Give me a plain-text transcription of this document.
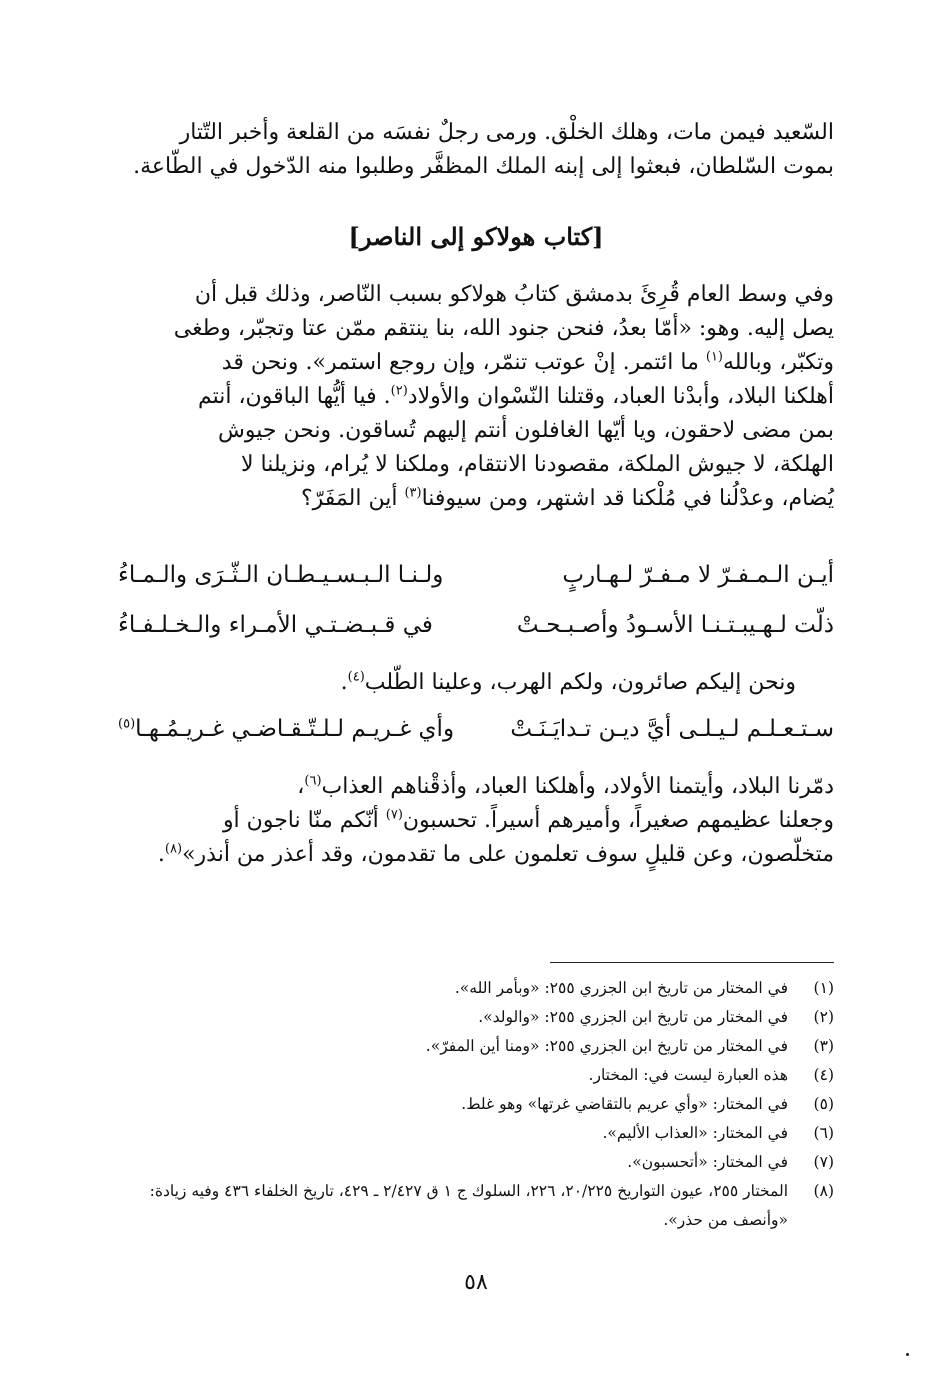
السّعيد فيمن مات، وهلك الخلْق. ورمى رجلٌ نفسَه من القلعة وأخبر التّتار
بموت السّلطان، فبعثوا إلى إبنه الملك المظفَّر وطلبوا منه الدّخول في الطّاعة.

[كتاب هولاكو إلى الناصر]

وفي وسط العام قُرِئَ بدمشق كتابُ هولاكو بسبب النّاصر، وذلك قبل أن
يصل إليه. وهو: «أمّا بعدُ، فنحن جنود الله، بنا ينتقم ممّن عتا وتجبّر، وطغى
وتكبّر، وبالله$^{(١)}$ ما ائتمر. إنْ عوتب تنمّر، وإن روجع استمر». ونحن قد
أهلكنا البلاد، وأبدْنا العباد، وقتلنا النّسْوان والأولاد$^{(٢)}$. فيا أيُّها الباقون، أنتم
بمن مضى لاحقون، ويا أيّها الغافلون أنتم إليهم تُساقون. ونحن جيوش
الهلكة، لا جيوش الملكة، مقصودنا الانتقام، وملكنا لا يُرام، ونزيلنا لا
يُضام، وعدْلُنا في مُلْكنا قد اشتهر، ومن سيوفنا$^{(٣)}$ أين المَفَرّ؟

أيـن الـمـفـرّ لا مـفـرّ لـهـاربٍ
ولـنـا الـبـسـيـطـان الـثّـرَى والـمـاءُ
ذلّت لـهـيبـتـنـا الأسـودُ وأصـبـحـتْ
في قـبـضـتـي الأمـراء والـخـلـفـاءُ
ونحن إليكم صائرون، ولكم الهرب، وعلينا الطّلب$^{(٤)}$.
سـتـعـلـم لـيـلـى أيَّ ديـن تـدايَـنَـتْ
وأي غـريـم لـلـتّـقـاضـي غـريـمُـهـا$^{(٥)}$

دمّرنا البلاد، وأيتمنا الأولاد، وأهلكنا العباد، وأذقْناهم العذاب$^{(٦)}$،
وجعلنا عظيمهم صغيراً، وأميرهم أسيراً. تحسبون$^{(٧)}$ أنّكم منّا ناجون أو
متخلّصون، وعن قليلٍ سوف تعلمون على ما تقدمون، وقد أعذر من أنذر»$^{(٨)}$.

(١)
في المختار من تاريخ ابن الجزري ٢٥٥: «وبأمر الله».
(٢)
في المختار من تاريخ ابن الجزري ٢٥٥: «والولد».
(٣)
في المختار من تاريخ ابن الجزري ٢٥٥: «ومنا أين المفرّ».
(٤)
هذه العبارة ليست في: المختار.
(٥)
في المختار: «وأي عريم بالتقاضي غرتها» وهو غلط.
(٦)
في المختار: «العذاب الأليم».
(٧)
في المختار: «أتحسبون».
(٨)
المختار ٢٥٥، عيون التواريخ ٢٠/٢٢٥، ٢٢٦، السلوك ج ١ ق ٢/٤٢٧ ـ ٤٢٩، تاريخ الخلفاء ٤٣٦ وفيه زيادة: «وأنصف من حذر».
٥٨
